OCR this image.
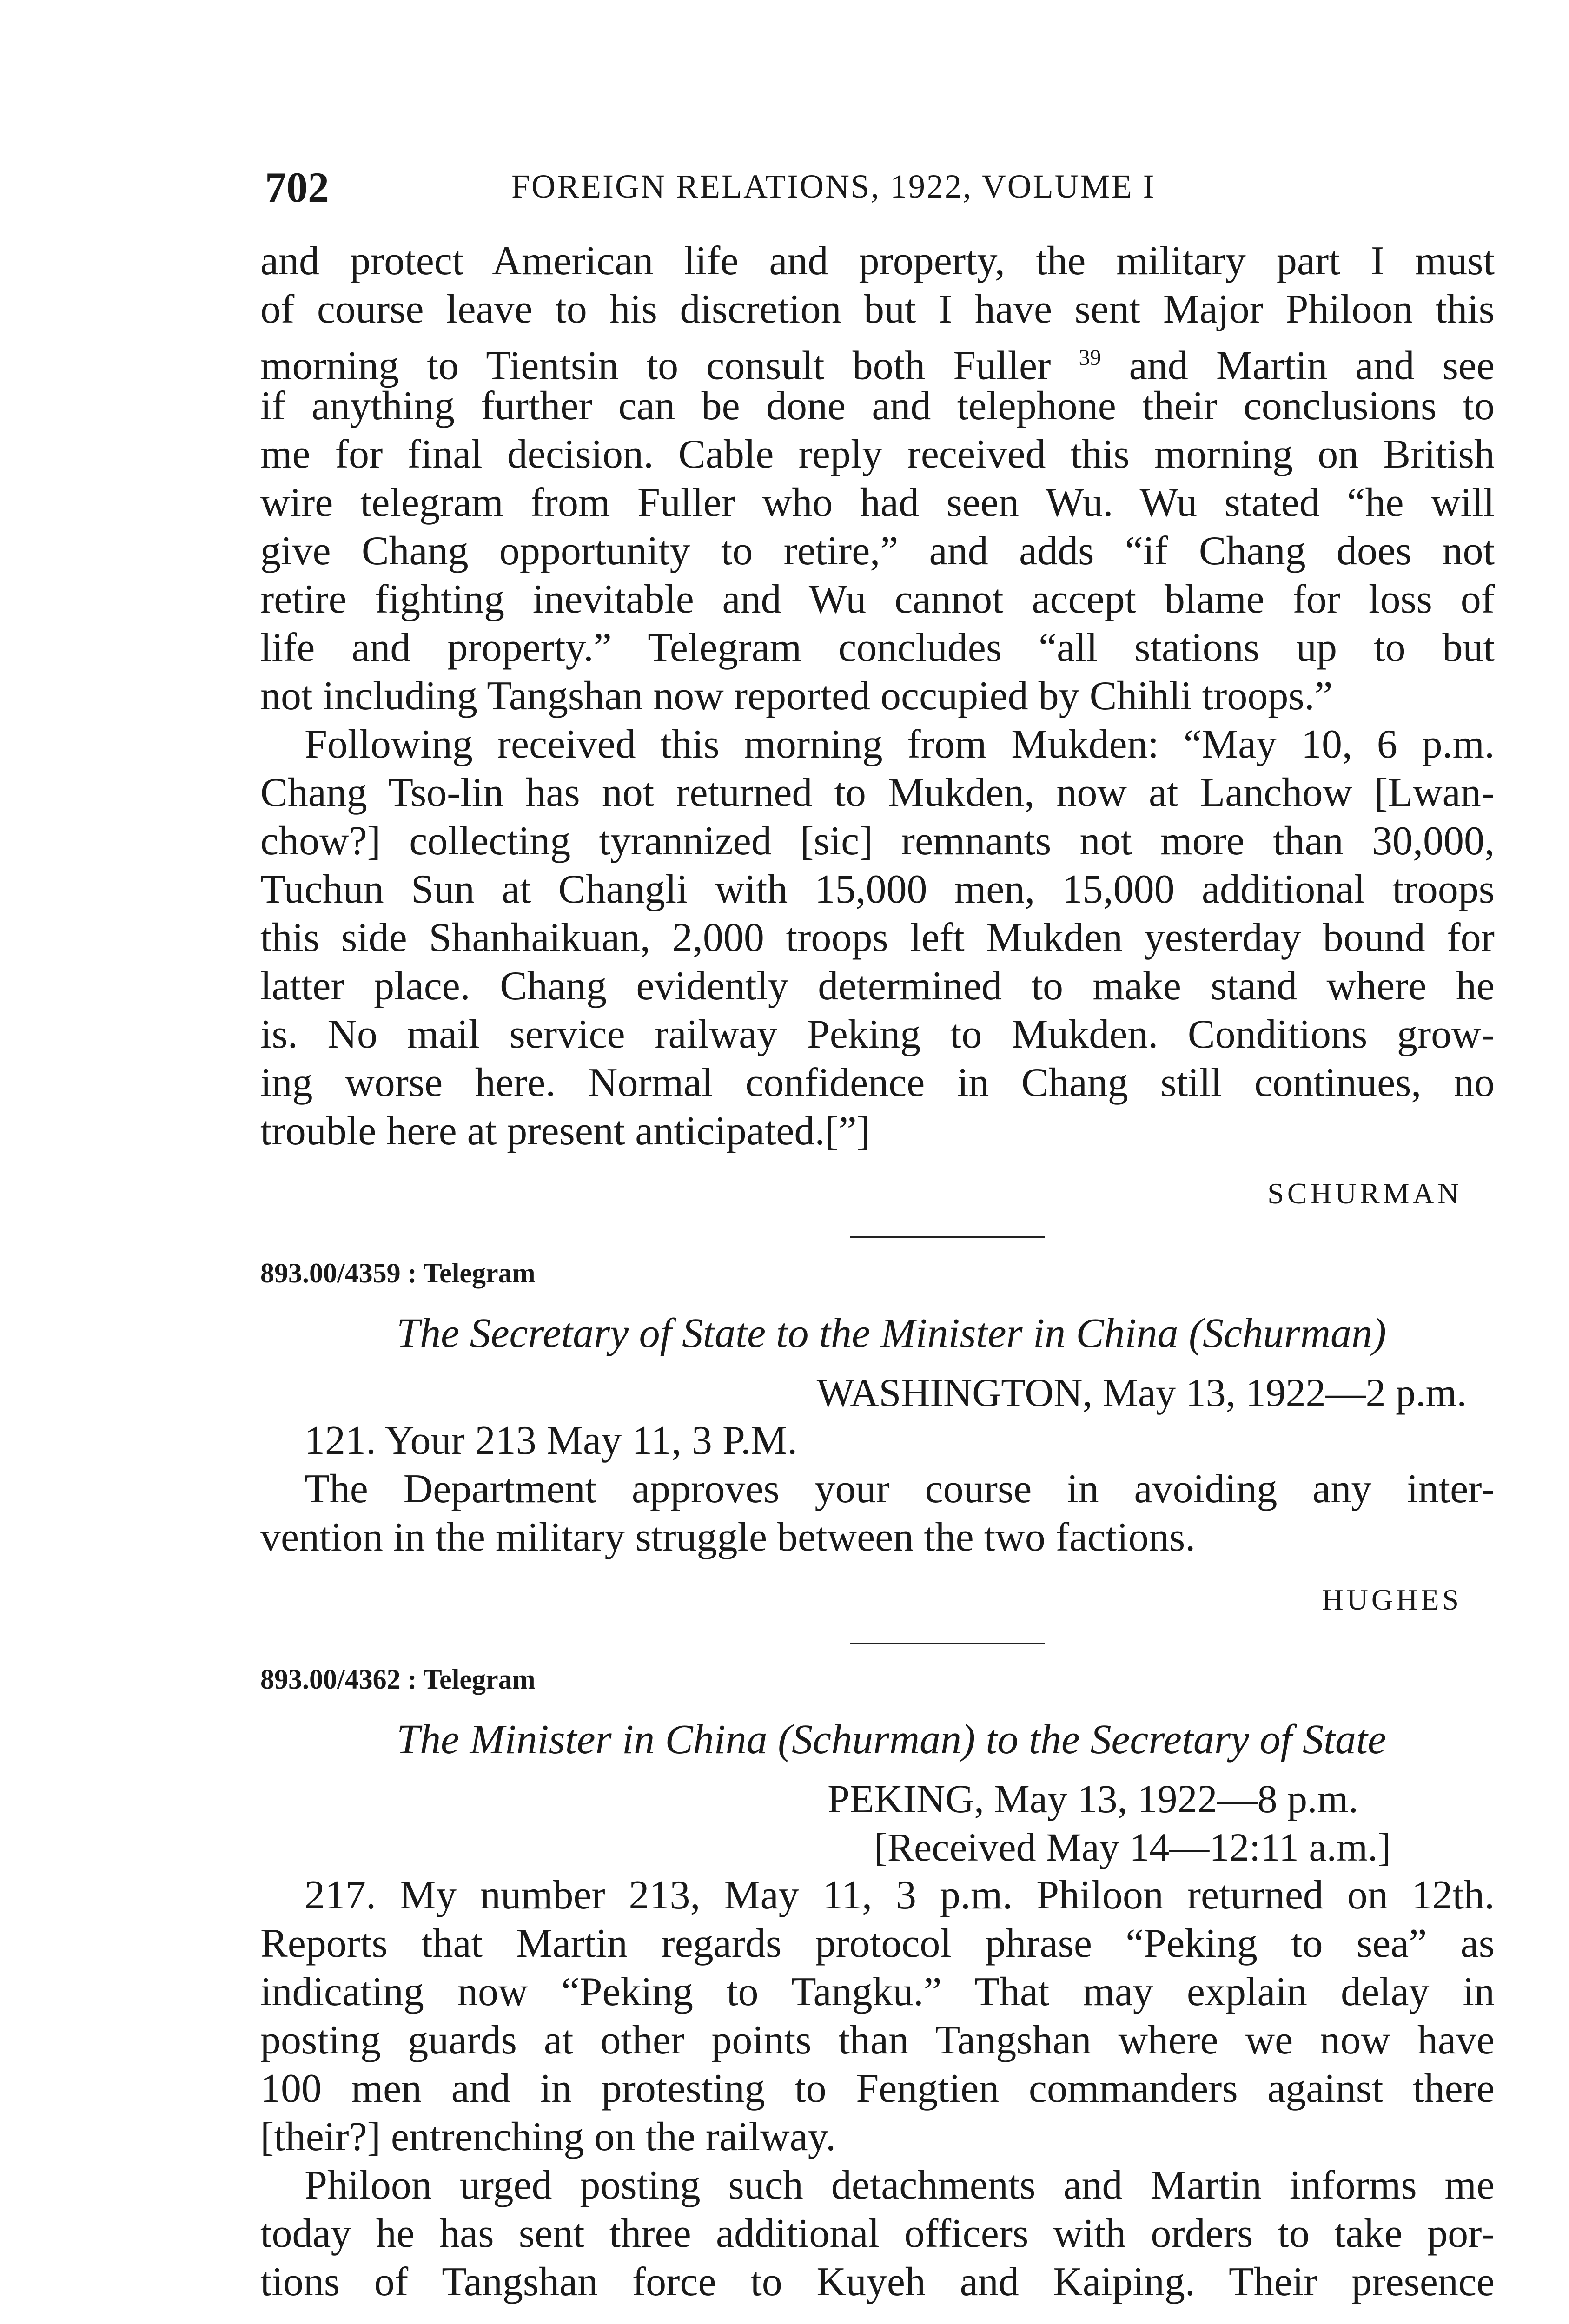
702	FOREIGN RELATIONS, 1922, VOLUME I
and protect American life and property, the military part I must
of course leave to his discretion but I have sent Major Philoon this
morning to Tientsin to consult both Fuller $^{39}$ and Martin and see
if anything further can be done and telephone their conclusions to
me for final decision. Cable reply received this morning on British
wire telegram from Fuller who had seen Wu. Wu stated “he will
give Chang opportunity to retire,” and adds “if Chang does not
retire fighting inevitable and Wu cannot accept blame for loss of
life and property.” Telegram concludes “all stations up to but
not including Tangshan now reported occupied by Chihli troops.”
Following received this morning from Mukden: “May 10, 6 p.m.
Chang Tso-lin has not returned to Mukden, now at Lanchow [Lwan-
chow?] collecting tyrannized [sic] remnants not more than 30,000,
Tuchun Sun at Changli with 15,000 men, 15,000 additional troops
this side Shanhaikuan, 2,000 troops left Mukden yesterday bound for
latter place. Chang evidently determined to make stand where he
is. No mail service railway Peking to Mukden. Conditions grow-
ing worse here. Normal confidence in Chang still continues, no
trouble here at present anticipated.[”]
SCHURMAN
893.00/4359 : Telegram
The Secretary of State to the Minister in China (Schurman)
WASHINGTON, May 13, 1922—2 p.m.
121. Your 213 May 11, 3 P.M.
The Department approves your course in avoiding any inter-
vention in the military struggle between the two factions.
HUGHES
893.00/4362 : Telegram
The Minister in China (Schurman) to the Secretary of State
PEKING, May 13, 1922—8 p.m.
[Received May 14—12:11 a.m.]
217. My number 213, May 11, 3 p.m. Philoon returned on 12th.
Reports that Martin regards protocol phrase “Peking to sea” as
indicating now “Peking to Tangku.” That may explain delay in
posting guards at other points than Tangshan where we now have
100 men and in protesting to Fengtien commanders against there
[their?] entrenching on the railway.
Philoon urged posting such detachments and Martin informs me
today he has sent three additional officers with orders to take por-
tions of Tangshan force to Kuyeh and Kaiping. Their presence
